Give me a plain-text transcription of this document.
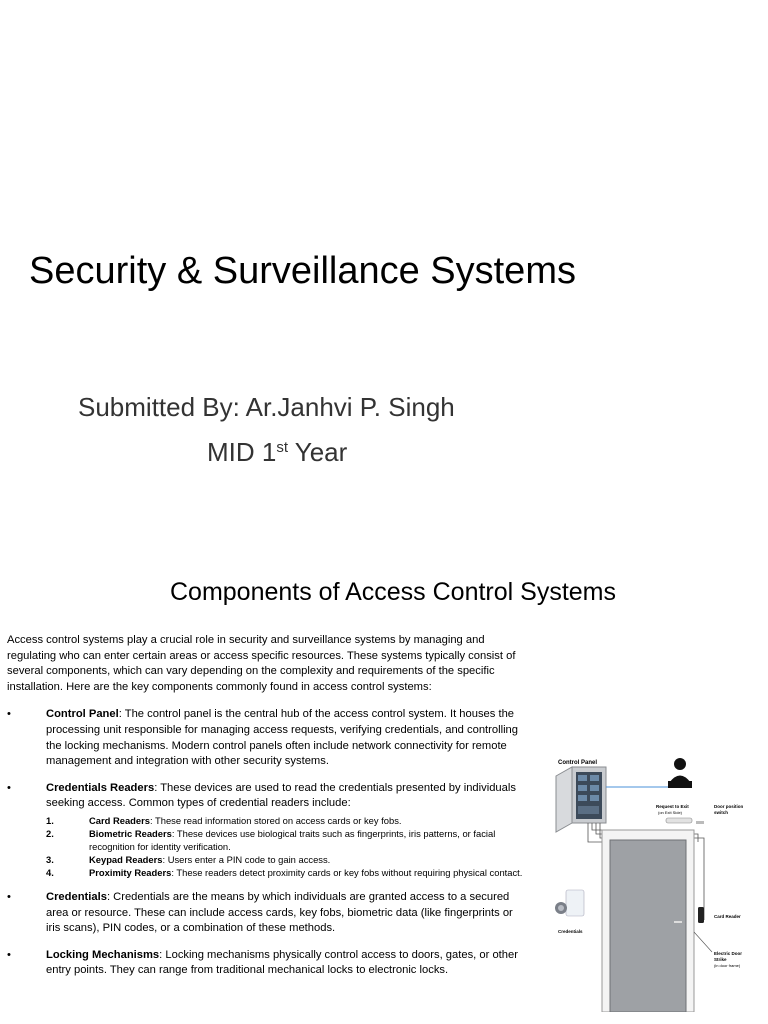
Security & Surveillance Systems
Submitted By: Ar.Janhvi P. Singh
MID 1st Year
Components of Access Control Systems

Access control systems play a crucial role in security and surveillance systems by managing and regulating who can enter certain areas or access specific resources. These systems typically consist of several components, which can vary depending on the complexity and requirements of the specific installation. Here are the key components commonly found in access control systems:

•	Control Panel: The control panel is the central hub of the access control system. It houses the processing unit responsible for managing access requests, verifying credentials, and controlling the locking mechanisms. Modern control panels often include network connectivity for remote management and integration with other security systems.
•	Credentials Readers: These devices are used to read the credentials presented by individuals seeking access. Common types of credential readers include:
1.	Card Readers: These read information stored on access cards or key fobs.
2.	Biometric Readers: These devices use biological traits such as fingerprints, iris patterns, or facial recognition for identity verification.
3.	Keypad Readers: Users enter a PIN code to gain access.
4.	Proximity Readers: These readers detect proximity cards or key fobs without requiring physical contact.
•	Credentials: Credentials are the means by which individuals are granted access to a secured area or resource. These can include access cards, key fobs, biometric data (like fingerprints or iris scans), PIN codes, or a combination of these methods.
•	Locking Mechanisms: Locking mechanisms physically control access to doors, gates, or other entry points. They can range from traditional mechanical locks to electronic locks.
Control Panel
Request to Exit
(on Exit Side)
Door position
switch
Card Reader
Credentials
Electric Door
Strike
(in door frame)
